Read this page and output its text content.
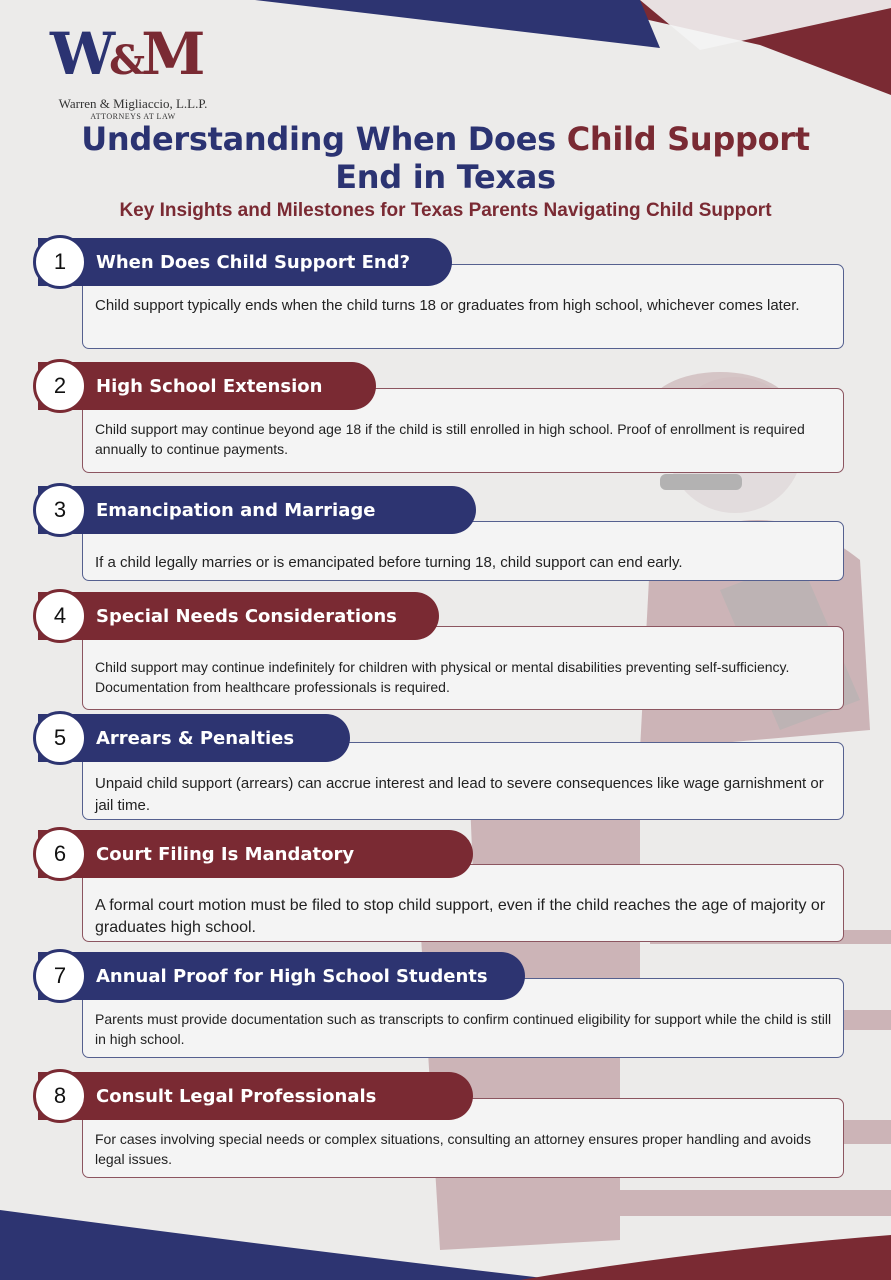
W&M
Warren & Migliaccio, L.L.P.
ATTORNEYS AT LAW
Understanding When Does Child Support
End in Texas
Key Insights and Milestones for Texas Parents Navigating Child Support

Child support typically ends when the child turns 18 or graduates from high school, whichever comes later.

When Does Child Support End?
1

Child support may continue beyond age 18 if the child is still enrolled in high school. Proof of enrollment is required annually to continue payments.

High School Extension
2

If a child legally marries or is emancipated before turning 18, child support can end early.

Emancipation and Marriage
3

Child support may continue indefinitely for children with physical or mental disabilities preventing self-sufficiency. Documentation from healthcare professionals is required.

Special Needs Considerations
4

Unpaid child support (arrears) can accrue interest and lead to severe consequences like wage garnishment or jail time.

Arrears & Penalties
5

A formal court motion must be filed to stop child support, even if the child reaches the age of majority or graduates high school.

Court Filing Is Mandatory
6

Parents must provide documentation such as transcripts to confirm continued eligibility for support while the child is still in high school.

Annual Proof for High School Students
7

For cases involving special needs or complex situations, consulting an attorney ensures proper handling and avoids legal issues.

Consult Legal Professionals
8
